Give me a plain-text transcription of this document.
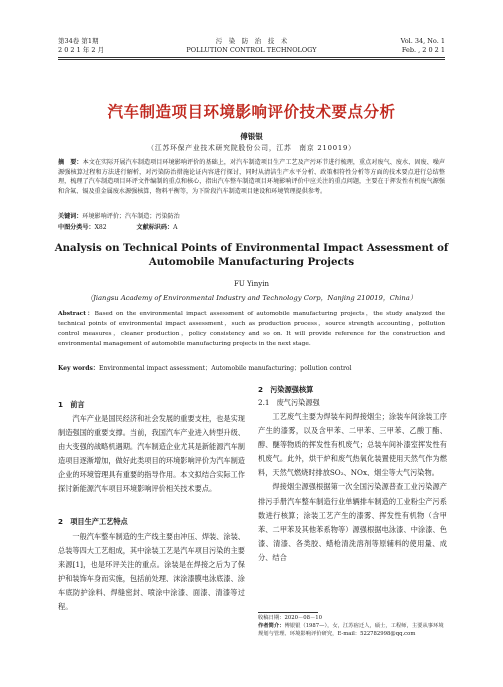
第34卷 第1期
2 0 2 1 年 2 月
污　染　防　治　技　术
POLLUTION CONTROL TECHNOLOGY
Vol. 34, No. 1
Feb. , 2 0 2 1
汽车制造项目环境影响评价技术要点分析
傅银银
（江苏环保产业技术研究院股份公司，江苏　南京 210019）
摘　要：本文在实际开展汽车制造项目环境影响评价的基础上，对汽车制造项目生产工艺及产污环节进行梳理，重点对废气、废水、固废、噪声源强核算过程和方法进行解析，对污染防治措施论证内容进行探讨，同时从清洁生产水平分析、政策相符性分析等方面的技术要点进行总结整理，梳理了汽车制造项目环评文件编制的重点和核心，指出汽车整车制造项目环境影响评价中应关注的重点问题，主要在于挥发性有机废气源强和含氟、镉及重金属废水源强核算，物料平衡等，为下阶段汽车制造项目建设和环境管理提供参考。
关键词：环境影响评价；汽车制造；污染防治
中图分类号：X82	文献标识码：A
Analysis on Technical Points of Environmental Impact Assessment of
Automobile Manufacturing Projects
FU Yinyin
（Jiangsu Academy of Environmental Industry and Technology Corp，Nanjing 210019，China）
Abstract：Based on the environmental impact assessment of automobile manufacturing projects，the study analyzed the technical points of environmental impact assessment，such as production process，source strength accounting，pollution control measures，cleaner production，policy consistency and so on. It will provide reference for the construction and environmental management of automobile manufacturing projects in the next stage.
Key words：Environmental impact assessment；Automobile manufacturing；pollution control
1　前言

汽车产业是国民经济和社会发展的重要支柱，也是实现制造强国的重要支撑。当前，我国汽车产业进入转型升级、由大变强的战略机遇期。汽车制造企业尤其是新能源汽车制造项目逐渐增加，做好此类项目的环境影响评价为汽车制造企业的环境管理具有重要的指导作用。本文拟结合实际工作探讨新能源汽车项目环境影响评价相关技术要点。

2　项目生产工艺特点

一般汽车整车制造的生产线主要由冲压、焊装、涂装、总装等四大工艺组成，其中涂装工艺是汽车项目污染的主要来源[1]，也是环评关注的重点。涂装是在焊接之后为了保护和装饰车身而实施，包括前处理、沫涂漆膜电泳底漆、涂车底防护涂料、焊缝密封、喷涂中涂漆、面漆、清漆等过程。

2　污染源强核算
2.1　废气污染源强

工艺废气主要为焊装车间焊接烟尘；涂装车间涂装工序产生的漆雾，以及含甲苯、二甲苯、三甲苯、乙酸丁酯、醇、醚等物质的挥发性有机废气；总装车间补漆室挥发性有机废气。此外，烘干炉和废气热氧化装置使用天然气作为燃料，天然气燃烧时排放SO₂、NOx、烟尘等大气污染物。

焊接烟尘源强根据第一次全国污染源普查工业污染源产排污手册汽车整车制造行业单辆排车制造的工业粉尘产污系数进行核算；涂装工艺产生的漆雾、挥发性有机物（含甲苯、二甲苯及其他苯系物等）源强根据电泳漆、中涂漆、色漆、清漆、各类胶、蜡枪清洗溶剂等原辅料的使用量、成分、结合

收稿日期：2020－08－10
作者简介：傅银银（1987—），女，江苏宿迁人，硕士，工程师，主要从事环境规划与管理、环境影响评价研究，E-mail：522782998@qq.com
